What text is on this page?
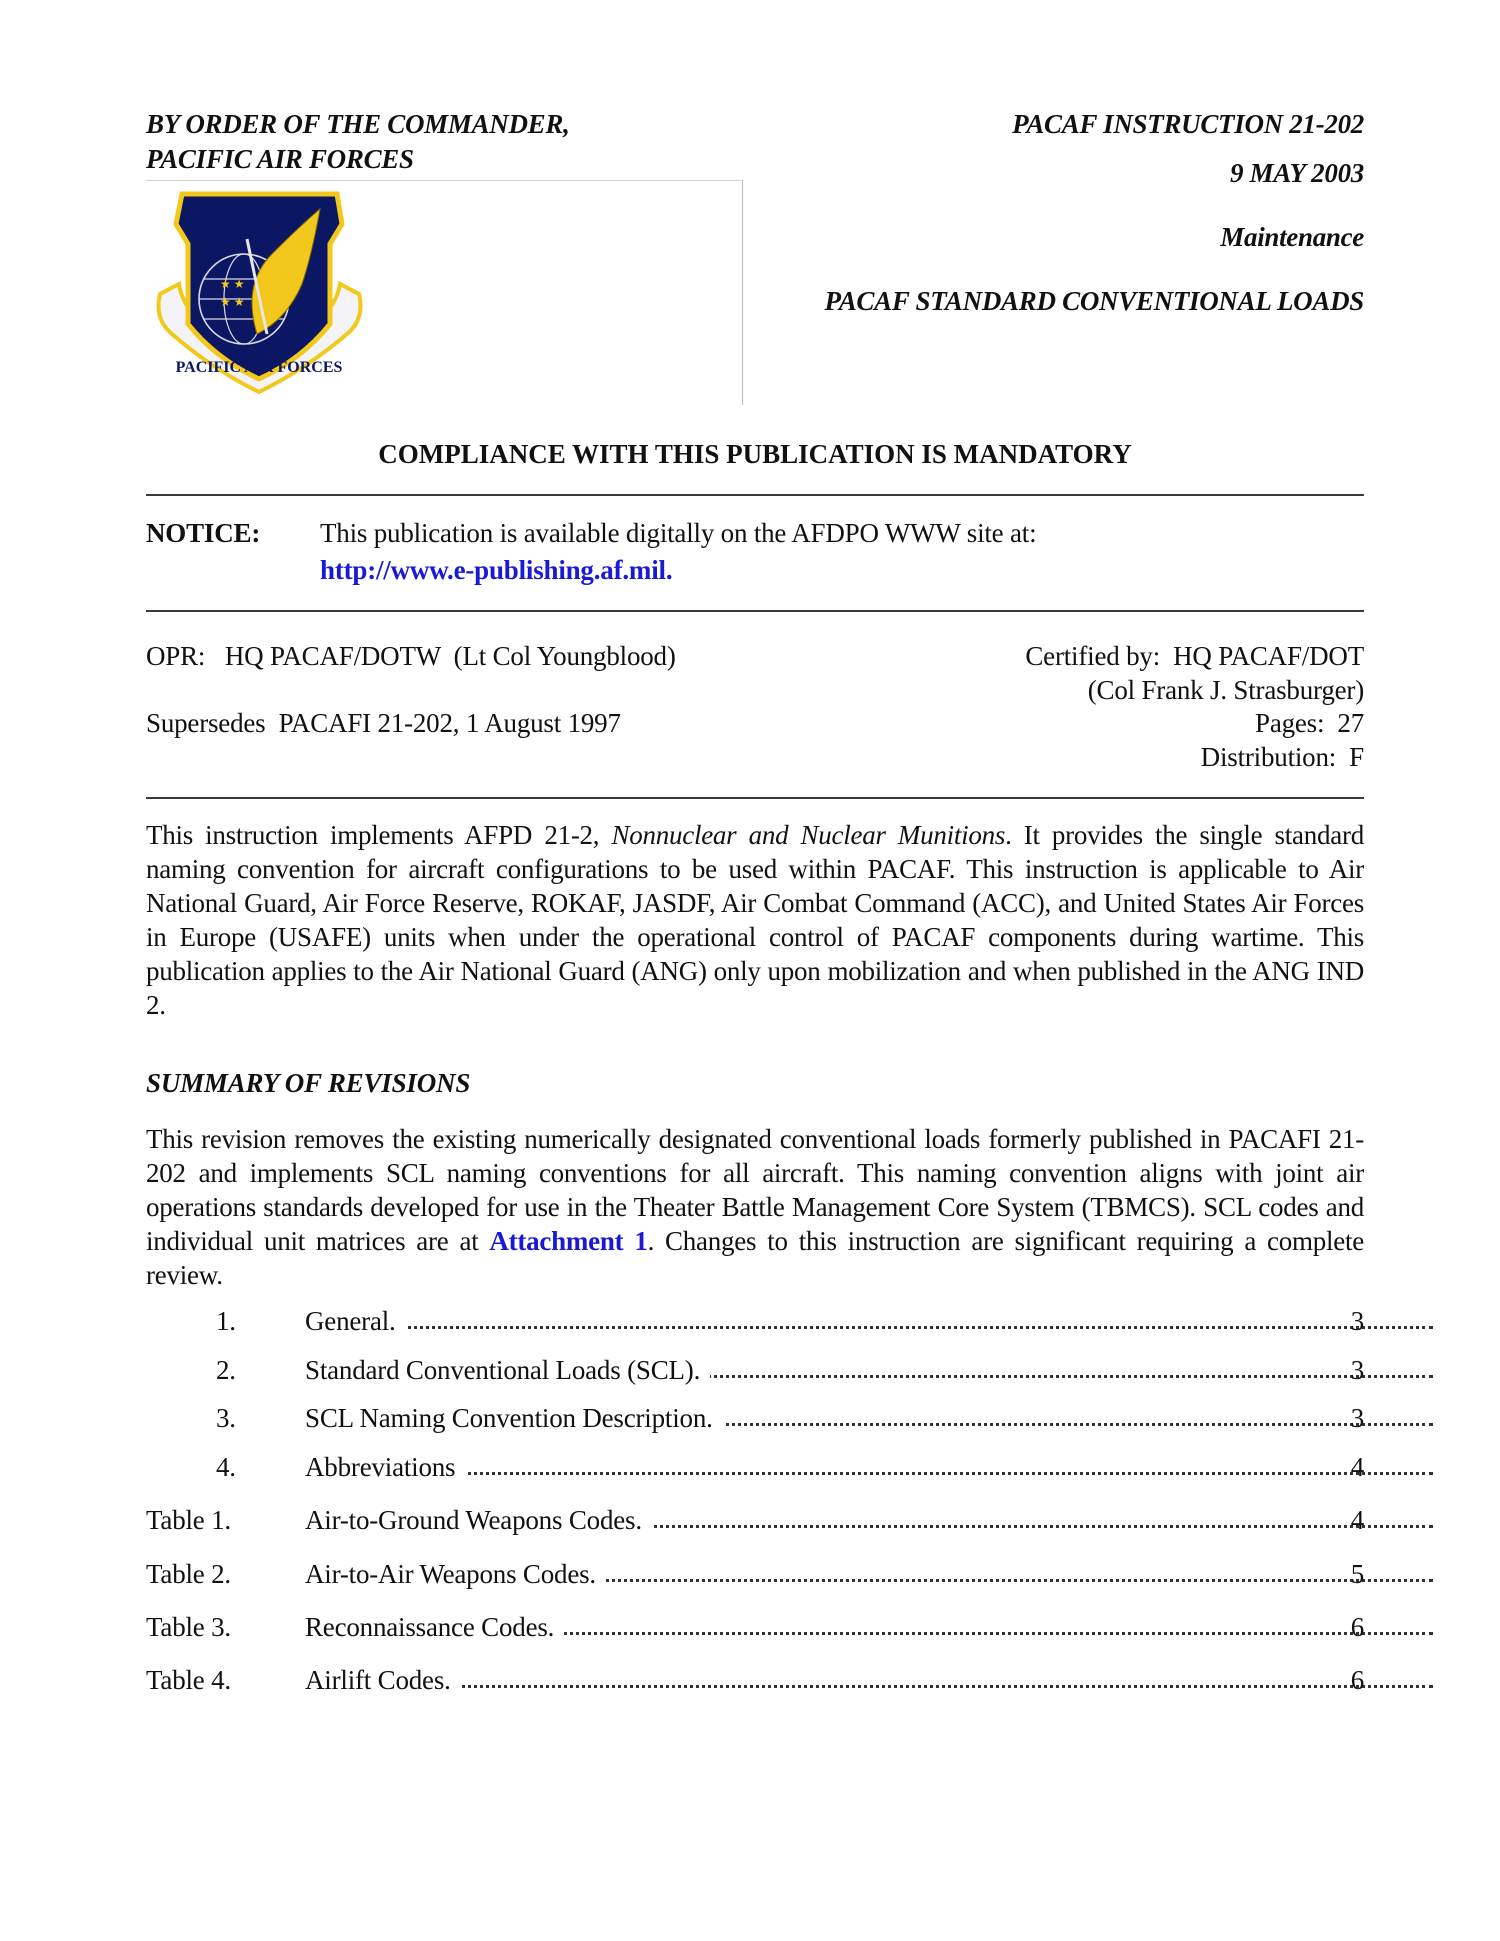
BY ORDER OF THE COMMANDER,
PACIFIC AIR FORCES
PACAF INSTRUCTION 21-202
9 MAY 2003
Maintenance
PACAF STANDARD CONVENTIONAL LOADS
★ ★
★ ★
PACIFIC AIR FORCES
COMPLIANCE WITH THIS PUBLICATION IS MANDATORY
NOTICE: This publication is available digitally on the AFDPO WWW site at:
http://www.e-publishing.af.mil.
OPR:   HQ PACAF/DOTW  (Lt Col Youngblood)
Supersedes  PACAFI 21-202, 1 August 1997
Certified by:  HQ PACAF/DOT
(Col Frank J. Strasburger)
Pages:  27
Distribution:  F
This instruction implements AFPD 21-2, Nonnuclear and Nuclear Munitions. It provides the single standard naming convention for aircraft configurations to be used within PACAF. This instruction is applicable to Air National Guard, Air Force Reserve, ROKAF, JASDF, Air Combat Command (ACC), and United States Air Forces in Europe (USAFE) units when under the operational control of PACAF components during wartime. This publication applies to the Air National Guard (ANG) only upon mobilization and when published in the ANG IND 2.
SUMMARY OF REVISIONS
This revision removes the existing numerically designated conventional loads formerly published in PACAFI 21-202 and implements SCL naming conventions for all aircraft. This naming convention aligns with joint air operations standards developed for use in the Theater Battle Management Core System (TBMCS). SCL codes and individual unit matrices are at Attachment 1. Changes to this instruction are significant requiring a complete review.
1.	General.	3
2.	Standard Conventional Loads (SCL).	3
3.	SCL Naming Convention Description.	3
4.	Abbreviations	4
Table 1.	Air-to-Ground Weapons Codes.	4
Table 2.	Air-to-Air Weapons Codes.	5
Table 3.	Reconnaissance Codes.	6
Table 4.	Airlift Codes.	6
